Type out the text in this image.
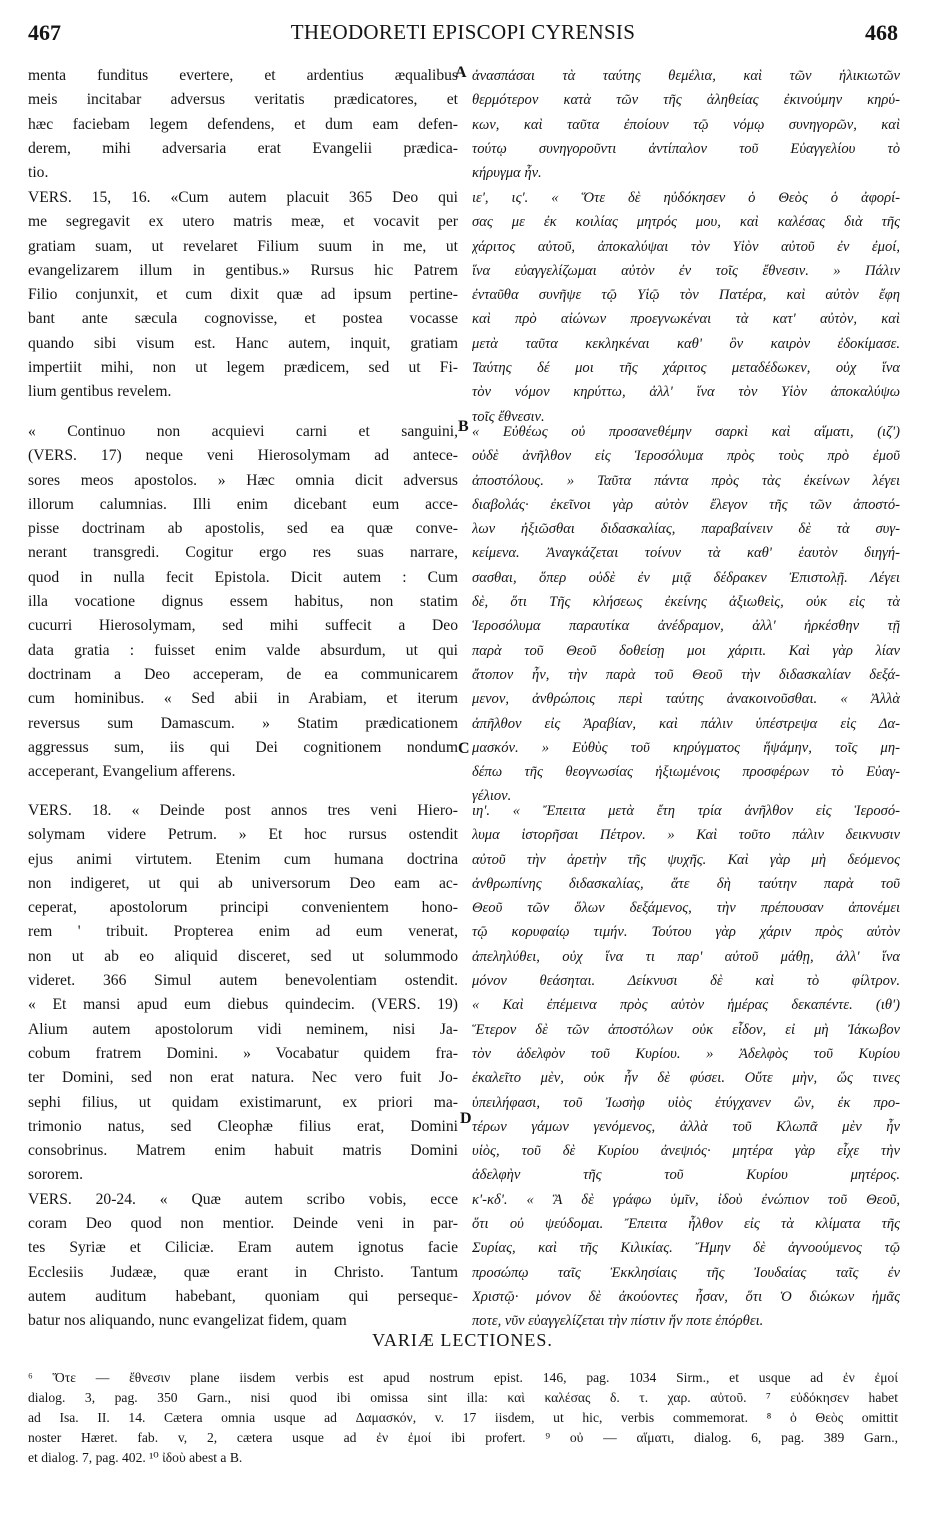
467	THEODORETI EPISCOPI CYRENSIS	468
A
B
C
D
menta funditus evertere, et ardentius æqualibus
meis incitabar adversus veritatis prædicatores, et
hæc faciebam legem defendens, et dum eam defen-
derem, mihi adversaria erat Evangelii prædica-
tio.
VERS. 15, 16. «Cum autem placuit 365 Deo qui
me segregavit ex utero matris meæ, et vocavit per
gratiam suam, ut revelaret Filium suum in me, ut
evangelizarem illum in gentibus.» Rursus hic Patrem
Filio conjunxit, et cum dixit quæ ad ipsum pertine-
bant ante sæcula cognovisse, et postea vocasse
quando sibi visum est. Hanc autem, inquit, gratiam
impertiit mihi, non ut legem prædicem, sed ut Fi-
lium gentibus revelem.
« Continuo non acquievi carni et sanguini,
(VERS. 17) neque veni Hierosolymam ad antece-
sores meos apostolos. » Hæc omnia dicit adversus
illorum calumnias. Illi enim dicebant eum acce-
pisse doctrinam ab apostolis, sed ea quæ conve-
nerant transgredi. Cogitur ergo res suas narrare,
quod in nulla fecit Epistola. Dicit autem : Cum
illa vocatione dignus essem habitus, non statim
cucurri Hierosolymam, sed mihi suffecit a Deo
data gratia : fuisset enim valde absurdum, ut qui
doctrinam a Deo acceperam, de ea communicarem
cum hominibus. « Sed abii in Arabiam, et iterum
reversus sum Damascum. » Statim prædicationem
aggressus sum, iis qui Dei cognitionem nondum
acceperant, Evangelium afferens.
VERS. 18. « Deinde post annos tres veni Hiero-
solymam videre Petrum. » Et hoc rursus ostendit
ejus animi virtutem. Etenim cum humana doctrina
non indigeret, ut qui ab universorum Deo eam ac-
ceperat, apostolorum principi convenientem hono-
rem ' tribuit. Propterea enim ad eum venerat,
non ut ab eo aliquid disceret, sed ut solummodo
videret. 366 Simul autem benevolentiam ostendit.
« Et mansi apud eum diebus quindecim. (VERS. 19)
Alium autem apostolorum vidi neminem, nisi Ja-
cobum fratrem Domini. » Vocabatur quidem fra-
ter Domini, sed non erat natura. Nec vero fuit Jo-
sephi filius, ut quidam existimarunt, ex priori ma-
trimonio natus, sed Cleophæ filius erat, Domini
consobrinus. Matrem enim habuit matris Domini
sororem.
VERS. 20-24. « Quæ autem scribo vobis, ecce
coram Deo quod non mentior. Deinde veni in par-
tes Syriæ et Ciliciæ. Eram autem ignotus facie
Ecclesiis Judææ, quæ erant in Christo. Tantum
autem auditum habebant, quoniam qui persequε-
batur nos aliquando, nunc evangelizat fidem, quam
ἀνασπάσαι τὰ ταύτης θεμέλια, καὶ τῶν ἡλικιωτῶν
θερμότερον κατὰ τῶν τῆς ἀληθείας ἐκινούμην κηρύ-
κων, καὶ ταῦτα ἐποίουν τῷ νόμῳ συνηγορῶν, καὶ
τούτῳ συνηγοροῦντι ἀντίπαλον τοῦ Εὐαγγελίου τὸ
κήρυγμα ἦν.
ιε', ις'. « Ὅτε δὲ ηὐδόκησεν ὁ Θεὸς ὁ ἀφορί-
σας με ἐκ κοιλίας μητρός μου, καὶ καλέσας διὰ τῆς
χάριτος αὐτοῦ, ἀποκαλύψαι τὸν Υἱὸν αὐτοῦ ἐν ἐμοί,
ἵνα εὐαγγελίζωμαι αὐτὸν ἐν τοῖς ἔθνεσιν. » Πάλιν
ἐνταῦθα συνῆψε τῷ Υἱῷ τὸν Πατέρα, καὶ αὐτὸν ἔφη
καὶ πρὸ αἰώνων προεγνωκέναι τὰ κατ' αὐτὸν, καὶ
μετὰ ταῦτα κεκληκέναι καθ' ὃν καιρὸν ἐδοκίμασε.
Ταύτης δέ μοι τῆς χάριτος μεταδέδωκεν, οὐχ ἵνα
τὸν νόμον κηρύττω, ἀλλ' ἵνα τὸν Υἱὸν ἀποκαλύψω
τοῖς ἔθνεσιν.
« Εὐθέως οὐ προσανεθέμην σαρκὶ καὶ αἵματι, (ιζ')
οὐδὲ ἀνῆλθον εἰς Ἱεροσόλυμα πρὸς τοὺς πρὸ ἐμοῦ
ἀποστόλους. » Ταῦτα πάντα πρὸς τὰς ἐκείνων λέγει
διαβολάς· ἐκεῖνοι γὰρ αὐτὸν ἔλεγον τῆς τῶν ἀποστό-
λων ἠξιῶσθαι διδασκαλίας, παραβαίνειν δὲ τὰ συγ-
κείμενα. Ἀναγκάζεται τοίνυν τὰ καθ' ἑαυτὸν διηγή-
σασθαι, ὅπερ οὐδὲ ἐν μιᾷ δέδρακεν Ἐπιστολῇ. Λέγει
δὲ, ὅτι Τῆς κλήσεως ἐκείνης ἀξιωθεὶς, οὐκ εἰς τὰ
Ἱεροσόλυμα παραυτίκα ἀνέδραμον, ἀλλ' ἠρκέσθην τῇ
παρὰ τοῦ Θεοῦ δοθείσῃ μοι χάριτι. Καὶ γὰρ λίαν
ἄτοπον ἦν, τὴν παρὰ τοῦ Θεοῦ τὴν διδασκαλίαν δεξά-
μενον, ἀνθρώποις περὶ ταύτης ἀνακοινοῦσθαι. « Ἀλλὰ
ἀπῆλθον εἰς Ἀραβίαν, καὶ πάλιν ὑπέστρεψα εἰς Δα-
μασκόν. » Εὐθὺς τοῦ κηρύγματος ἥψάμην, τοῖς μη-
δέπω τῆς θεογνωσίας ἠξιωμένοις προσφέρων τὸ Εὐαγ-
γέλιον.
ιη'. « Ἔπειτα μετὰ ἔτη τρία ἀνῆλθον εἰς Ἱεροσό-
λυμα ἱστορῆσαι Πέτρον. » Καὶ τοῦτο πάλιν δεικνυσιν
αὐτοῦ τὴν ἀρετὴν τῆς ψυχῆς. Καὶ γὰρ μὴ δεόμενος
ἀνθρωπίνης διδασκαλίας, ἅτε δὴ ταύτην παρὰ τοῦ
Θεοῦ τῶν ὅλων δεξάμενος, τὴν πρέπουσαν ἀπονέμει
τῷ κορυφαίῳ τιμήν. Τούτου γὰρ χάριν πρὸς αὐτὸν
ἀπεληλύθει, οὐχ ἵνα τι παρ' αὐτοῦ μάθῃ, ἀλλ' ἵνα
μόνον θεάσηται. Δείκνυσι δὲ καὶ τὸ φίλτρον.
« Καὶ ἐπέμεινα πρὸς αὐτὸν ἡμέρας δεκαπέντε. (ιθ')
Ἕτερον δὲ τῶν ἀποστόλων οὐκ εἶδον, εἰ μὴ Ἰάκωβον
τὸν ἀδελφὸν τοῦ Κυρίου. » Ἀδελφὸς τοῦ Κυρίου
ἐκαλεῖτο μὲν, οὐκ ἦν δὲ φύσει. Οὔτε μὴν, ὥς τινες
ὑπειλήφασι, τοῦ Ἰωσὴφ υἱὸς ἐτύγχανεν ὢν, ἐκ προ-
τέρων γάμων γενόμενος, ἀλλὰ τοῦ Κλωπᾶ μὲν ἦν
υἱὸς, τοῦ δὲ Κυρίου ἀνεψιός· μητέρα γὰρ εἶχε τὴν
ἀδελφὴν τῆς τοῦ Κυρίου μητέρος.
κ'-κδ'. « Ἃ δὲ γράφω ὑμῖν, ἰδοὺ ἐνώπιον τοῦ Θεοῦ,
ὅτι οὐ ψεύδομαι. Ἔπειτα ἦλθον εἰς τὰ κλίματα τῆς
Συρίας, καὶ τῆς Κιλικίας. Ἤμην δὲ ἀγνοούμενος τῷ
προσώπῳ ταῖς Ἐκκλησίαις τῆς Ἰουδαίας ταῖς ἐν
Χριστῷ· μόνον δὲ ἀκούοντες ἦσαν, ὅτι Ὁ διώκων ἡμᾶς
ποτε, νῦν εὐαγγελίζεται τὴν πίστιν ἥν ποτε ἐπόρθει.
VARIÆ LECTIONES.
⁶ Ὅτε — ἔθνεσιν plane iisdem verbis est apud nostrum epist. 146, pag. 1034 Sirm., et usque ad ἐν ἐμοί
dialog. 3, pag. 350 Garn., nisi quod ibi omissa sint illa: καὶ καλέσας δ. τ. χαρ. αὐτοῦ. ⁷ εὐδόκησεν habet
ad Isa. II. 14. Cætera omnia usque ad Δαμασκόν, v. 17 iisdem, ut hic, verbis commemorat. ⁸ ὁ Θεὸς omittit
noster Hæret. fab. v, 2, cætera usque ad ἐν ἐμοί ibi profert. ⁹ οὐ — αἵματι, dialog. 6, pag. 389 Garn.,
et dialog. 7, pag. 402. ¹⁰ ἰδοὺ abest a B.
